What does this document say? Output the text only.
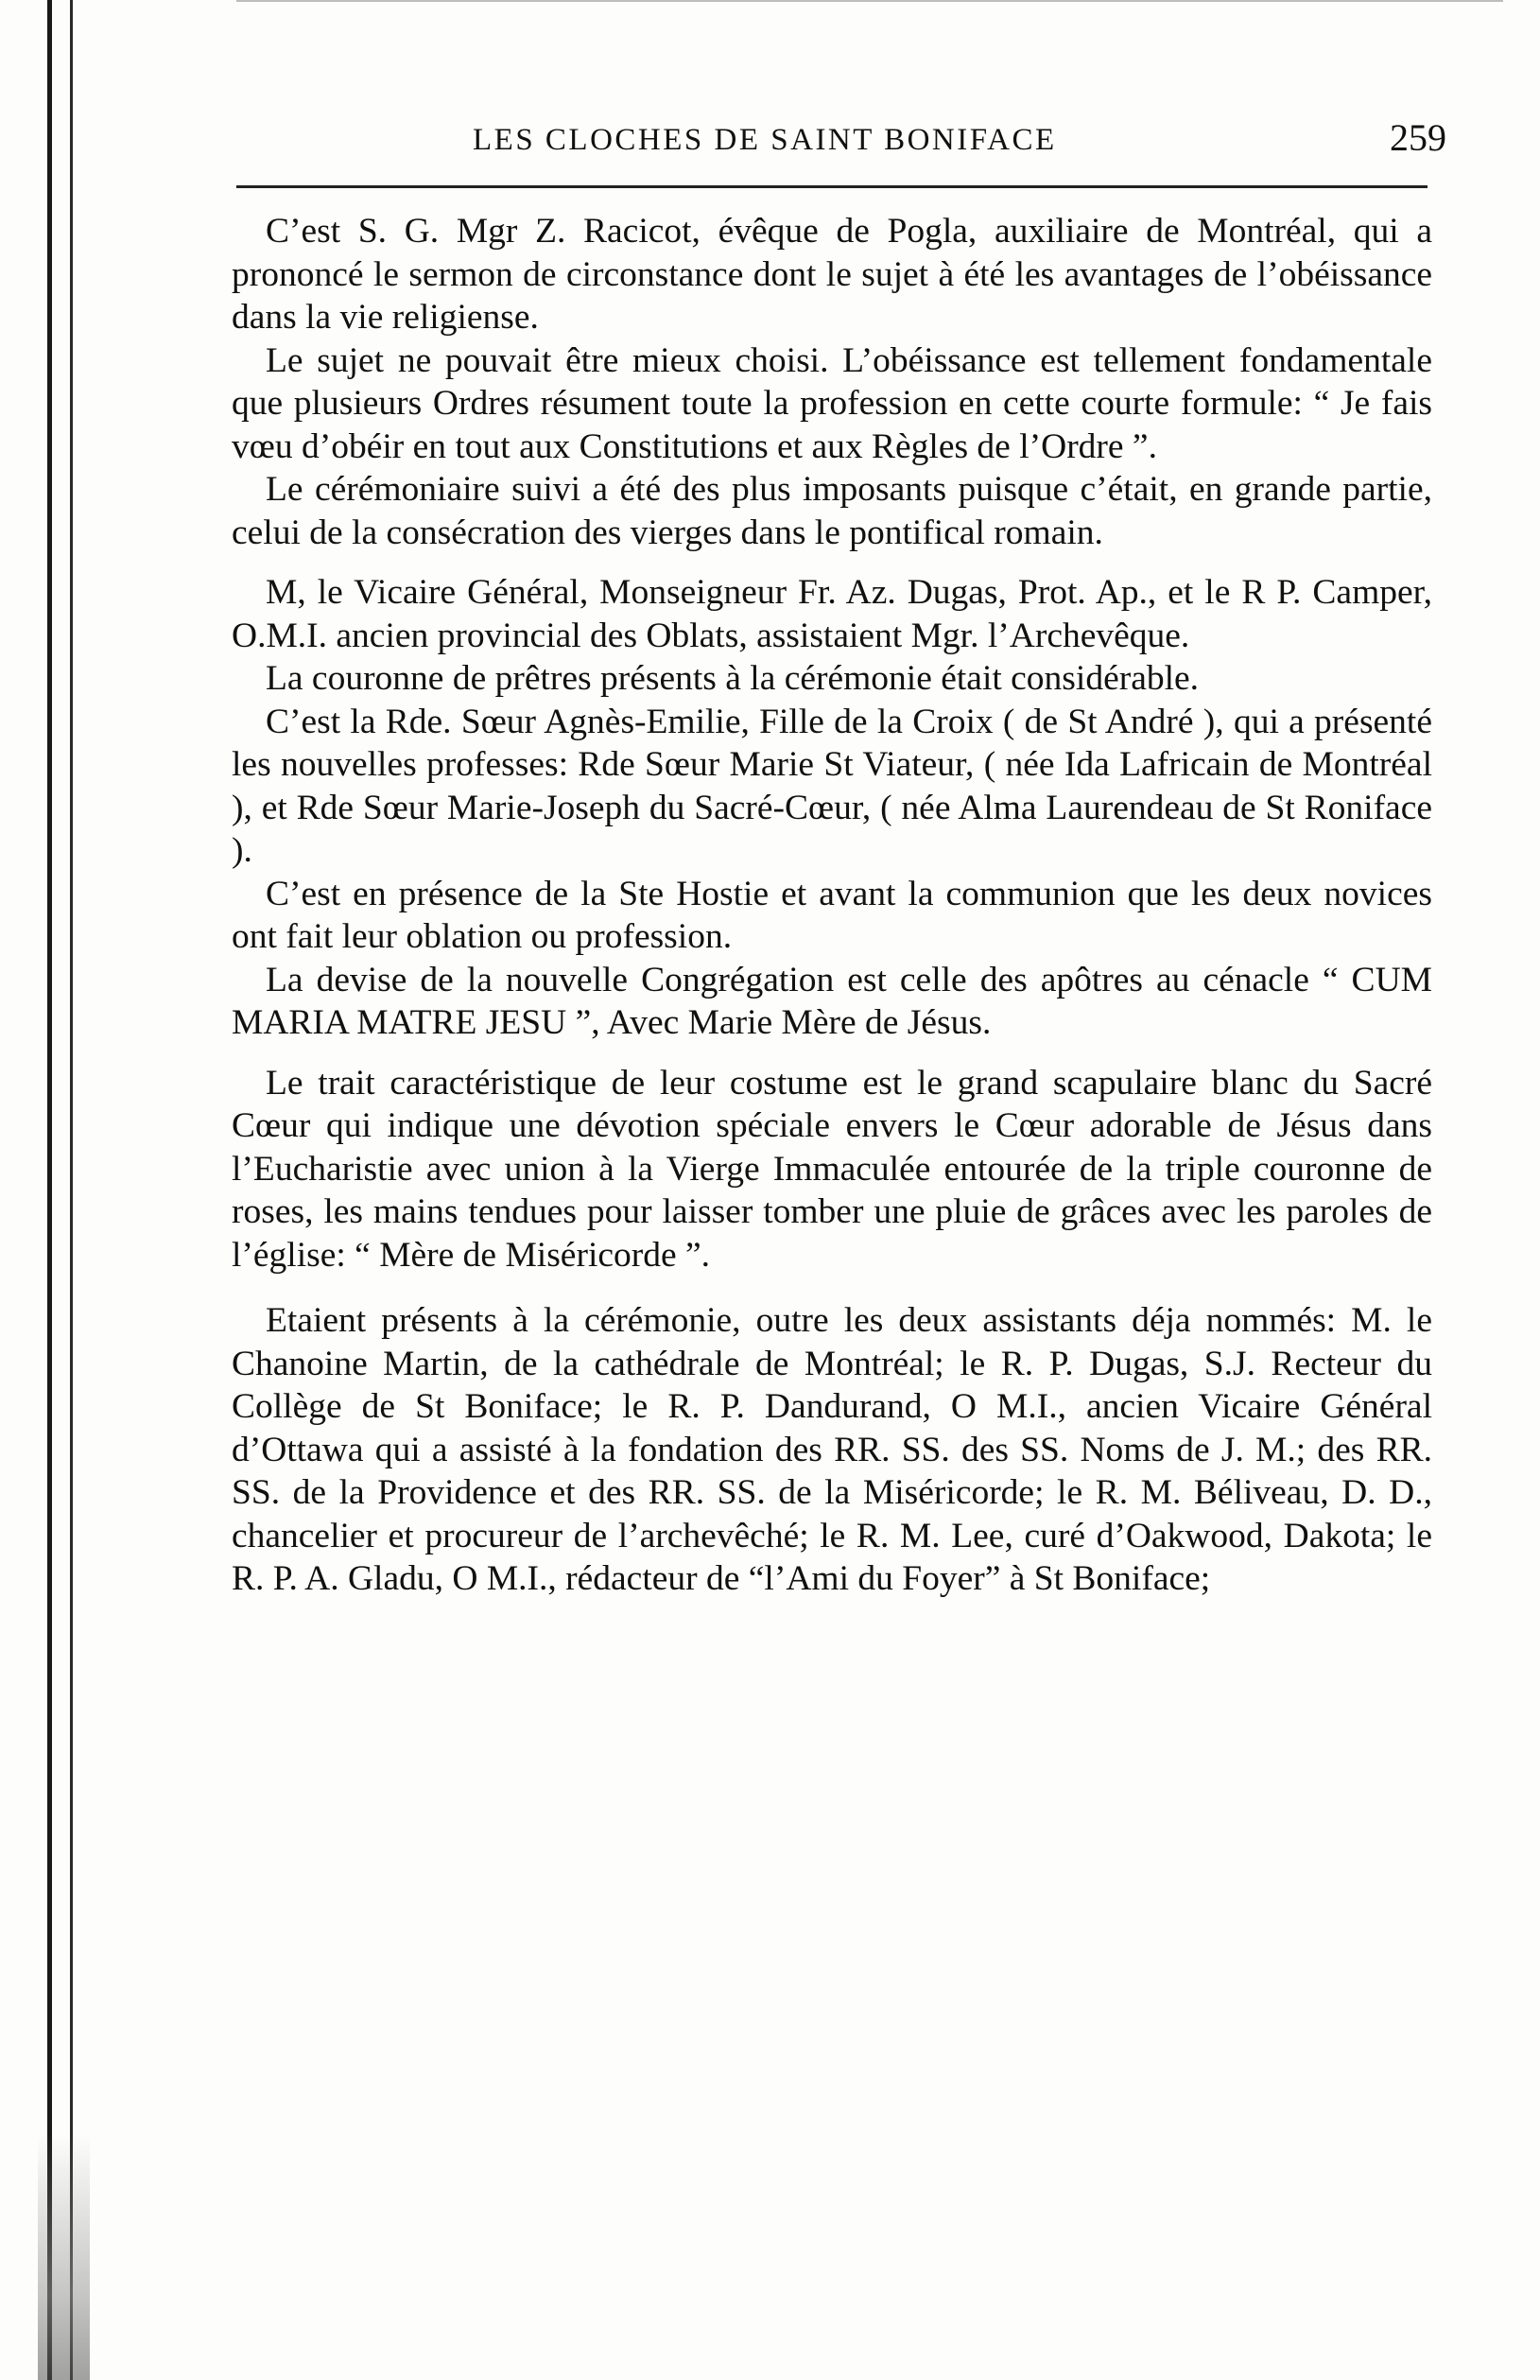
LES CLOCHES DE SAINT BONIFACE	259

C’est S. G. Mgr Z. Racicot, évêque de Pogla, auxiliaire de Montréal, qui a prononcé le sermon de circonstance dont le sujet à été les avantages de l’obéissance dans la vie religiense.

Le sujet ne pouvait être mieux choisi. L’obéissance est tellement fondamentale que plusieurs Ordres résument toute la profession en cette courte formule: “ Je fais vœu d’obéir en tout aux Constitutions et aux Règles de l’Ordre ”.

Le cérémoniaire suivi a été des plus imposants puisque c’était, en grande partie, celui de la consécration des vierges dans le pontifical romain.

M, le Vicaire Général, Monseigneur Fr. Az. Dugas, Prot. Ap., et le R P. Camper, O.M.I. ancien provincial des Oblats, assistaient Mgr. l’Archevêque.

La couronne de prêtres présents à la cérémonie était considérable.

C’est la Rde. Sœur Agnès-Emilie, Fille de la Croix ( de St André ), qui a présenté les nouvelles professes: Rde Sœur Marie St Viateur, ( née Ida Lafricain de Montréal ), et Rde Sœur Marie-Joseph du Sacré-Cœur, ( née Alma Laurendeau de St Roniface ).

C’est en présence de la Ste Hostie et avant la communion que les deux novices ont fait leur oblation ou profession.

La devise de la nouvelle Congrégation est celle des apôtres au cénacle “ CUM MARIA MATRE JESU ”, Avec Marie Mère de Jésus.

Le trait caractéristique de leur costume est le grand scapulaire blanc du Sacré Cœur qui indique une dévotion spéciale envers le Cœur adorable de Jésus dans l’Eucharistie avec union à la Vierge Immaculée entourée de la triple couronne de roses, les mains tendues pour laisser tomber une pluie de grâces avec les paroles de l’église: “ Mère de Miséricorde ”.

Etaient présents à la cérémonie, outre les deux assistants déja nommés: M. le Chanoine Martin, de la cathédrale de Montréal; le R. P. Dugas, S.J. Recteur du Collège de St Boniface; le R. P. Dandurand, O M.I., ancien Vicaire Général d’Ottawa qui a assisté à la fondation des RR. SS. des SS. Noms de J. M.; des RR. SS. de la Providence et des RR. SS. de la Miséricorde; le R. M. Béliveau, D. D., chancelier et procureur de l’archevêché; le R. M. Lee, curé d’Oakwood, Dakota; le R. P. A. Gladu, O M.I., rédacteur de “l’Ami du Foyer” à St Boniface;
